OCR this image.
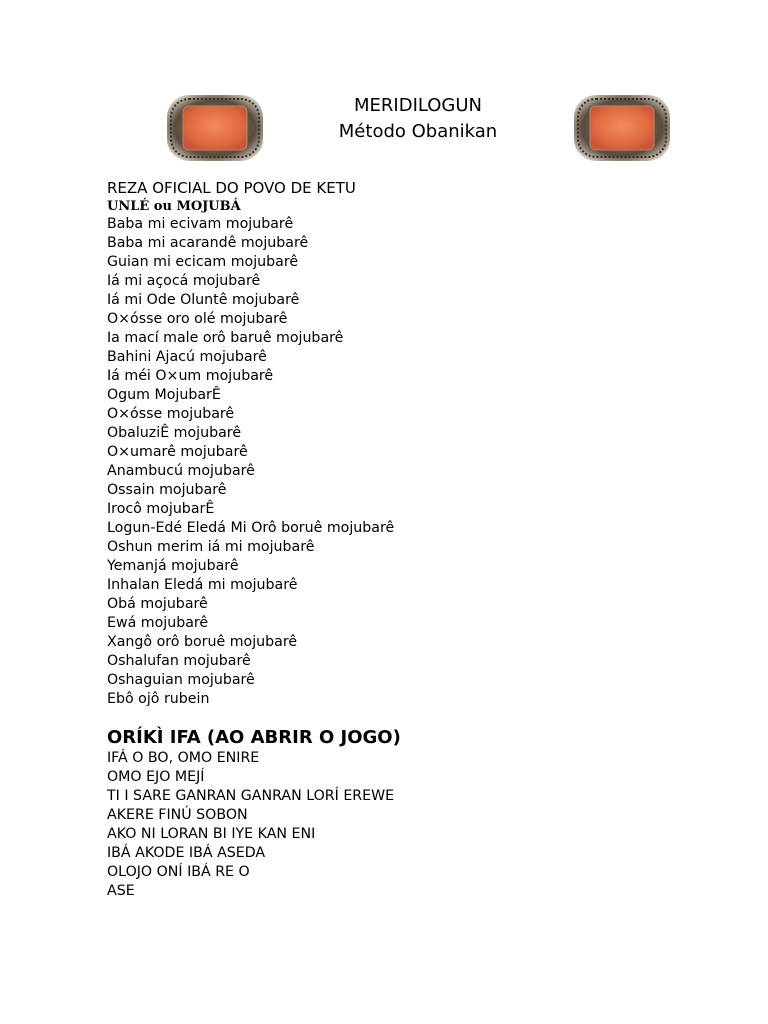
MERIDILOGUN
Método Obanikan

REZA OFICIAL DO POVO DE KETU

UNLÉ ou MOJUBÁ

Baba mi ecivam mojubarê

Baba mi acarandê mojubarê

Guian mi ecicam mojubarê

Iá mi açocá mojubarê

Iá mi Ode Oluntê mojubarê

O×ósse oro olé mojubarê

Ia mací male orô baruê mojubarê

Bahini Ajacú mojubarê

Iá méi O×um mojubarê

Ogum MojubarÊ

O×ósse mojubarê

ObaluziÊ mojubarê

O×umarê mojubarê

Anambucú mojubarê

Ossain mojubarê

Irocô mojubarÊ

Logun-Edé Eledá Mi Orô boruê mojubarê

Oshun merim iá mi mojubarê

Yemanjá mojubarê

Inhalan Eledá mi mojubarê

Obá mojubarê

Ewá mojubarê

Xangô orô boruê mojubarê

Oshalufan mojubarê

Oshaguian mojubarê

Ebô ojô rubein

ORÍKÌ IFA (AO ABRIR O JOGO)

IFÁ O BO, OMO ENIRE

OMO EJO MEJÍ

TI I SARE GANRAN GANRAN LORÍ EREWE

AKERE FINÚ SOBON

AKO NI LORAN BI IYE KAN ENI

IBÁ AKODE IBÁ ASEDA

OLOJO ONÍ IBÁ RE O

ASE
